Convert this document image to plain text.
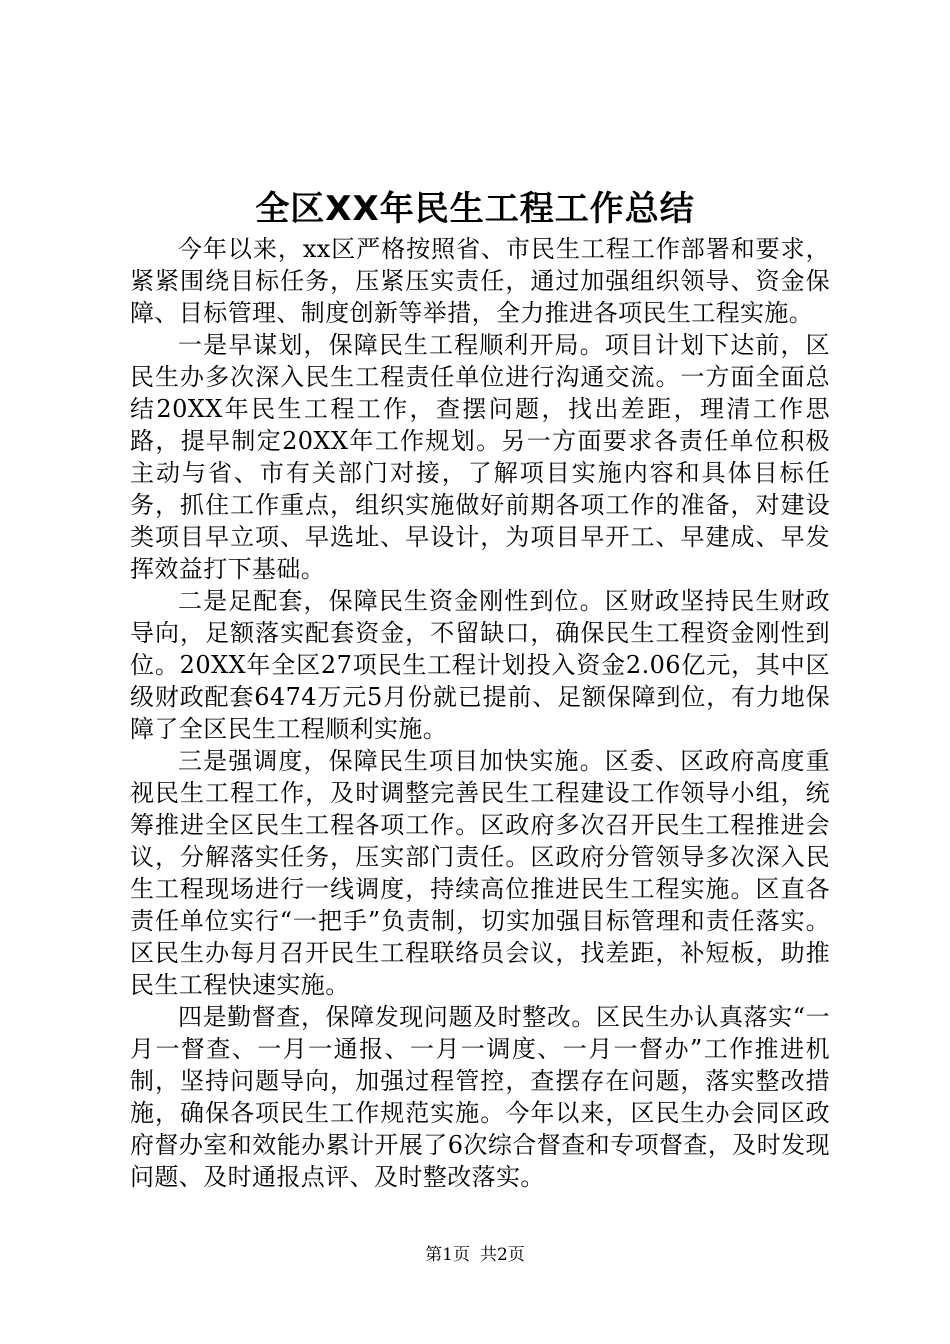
全区XX年民生工程工作总结

今年以来，xx区严格按照省、市民生工程工作部署和要求，紧紧围绕目标任务，压紧压实责任，通过加强组织领导、资金保障、目标管理、制度创新等举措，全力推进各项民生工程实施。

一是早谋划，保障民生工程顺利开局。项目计划下达前，区民生办多次深入民生工程责任单位进行沟通交流。一方面全面总结20XX年民生工程工作，查摆问题，找出差距，理清工作思路，提早制定20XX年工作规划。另一方面要求各责任单位积极主动与省、市有关部门对接，了解项目实施内容和具体目标任务，抓住工作重点，组织实施做好前期各项工作的准备，对建设类项目早立项、早选址、早设计，为项目早开工、早建成、早发挥效益打下基础。

二是足配套，保障民生资金刚性到位。区财政坚持民生财政导向，足额落实配套资金，不留缺口，确保民生工程资金刚性到位。20XX年全区27项民生工程计划投入资金2.06亿元，其中区级财政配套6474万元5月份就已提前、足额保障到位，有力地保障了全区民生工程顺利实施。

三是强调度，保障民生项目加快实施。区委、区政府高度重视民生工程工作，及时调整完善民生工程建设工作领导小组，统筹推进全区民生工程各项工作。区政府多次召开民生工程推进会议，分解落实任务，压实部门责任。区政府分管领导多次深入民生工程现场进行一线调度，持续高位推进民生工程实施。区直各责任单位实行“一把手”负责制，切实加强目标管理和责任落实。区民生办每月召开民生工程联络员会议，找差距，补短板，助推民生工程快速实施。

四是勤督查，保障发现问题及时整改。区民生办认真落实“一月一督查、一月一通报、一月一调度、一月一督办”工作推进机制，坚持问题导向，加强过程管控，查摆存在问题，落实整改措施，确保各项民生工作规范实施。今年以来，区民生办会同区政府督办室和效能办累计开展了6次综合督查和专项督查，及时发现问题、及时通报点评、及时整改落实。

第1页 共2页
